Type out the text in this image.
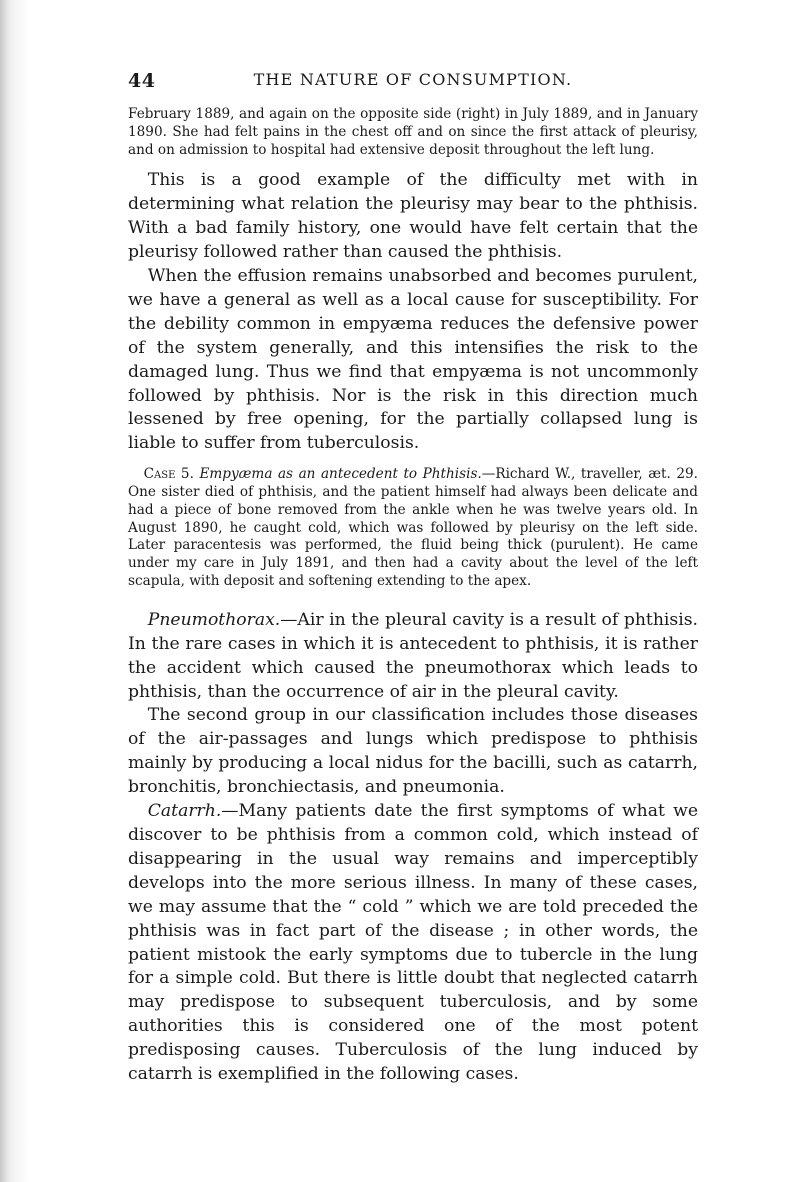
44	THE NATURE OF CONSUMPTION.

February 1889, and again on the opposite side (right) in July 1889, and in January 1890. She had felt pains in the chest off and on since the first attack of pleurisy, and on admission to hospital had extensive deposit throughout the left lung.

This is a good example of the difficulty met with in determining what relation the pleurisy may bear to the phthisis. With a bad family history, one would have felt certain that the pleurisy followed rather than caused the phthisis.

When the effusion remains unabsorbed and becomes purulent, we have a general as well as a local cause for susceptibility. For the debility common in empyæma reduces the defensive power of the system generally, and this intensifies the risk to the damaged lung. Thus we find that empyæma is not uncommonly followed by phthisis. Nor is the risk in this direction much lessened by free opening, for the partially collapsed lung is liable to suffer from tuberculosis.

Case 5. Empyæma as an antecedent to Phthisis.—Richard W., traveller, æt. 29. One sister died of phthisis, and the patient himself had always been delicate and had a piece of bone removed from the ankle when he was twelve years old. In August 1890, he caught cold, which was followed by pleurisy on the left side. Later paracentesis was performed, the fluid being thick (purulent). He came under my care in July 1891, and then had a cavity about the level of the left scapula, with deposit and softening extending to the apex.

Pneumothorax.—Air in the pleural cavity is a result of phthisis. In the rare cases in which it is antecedent to phthisis, it is rather the accident which caused the pneumothorax which leads to phthisis, than the occurrence of air in the pleural cavity.

The second group in our classification includes those diseases of the air-passages and lungs which predispose to phthisis mainly by producing a local nidus for the bacilli, such as catarrh, bronchitis, bronchiectasis, and pneumonia.

Catarrh.—Many patients date the first symptoms of what we discover to be phthisis from a common cold, which instead of disappearing in the usual way remains and imperceptibly develops into the more serious illness. In many of these cases, we may assume that the “ cold ” which we are told preceded the phthisis was in fact part of the disease ; in other words, the patient mistook the early symptoms due to tubercle in the lung for a simple cold. But there is little doubt that neglected catarrh may predispose to subsequent tuberculosis, and by some authorities this is considered one of the most potent predisposing causes. Tuberculosis of the lung induced by catarrh is exemplified in the following cases.
